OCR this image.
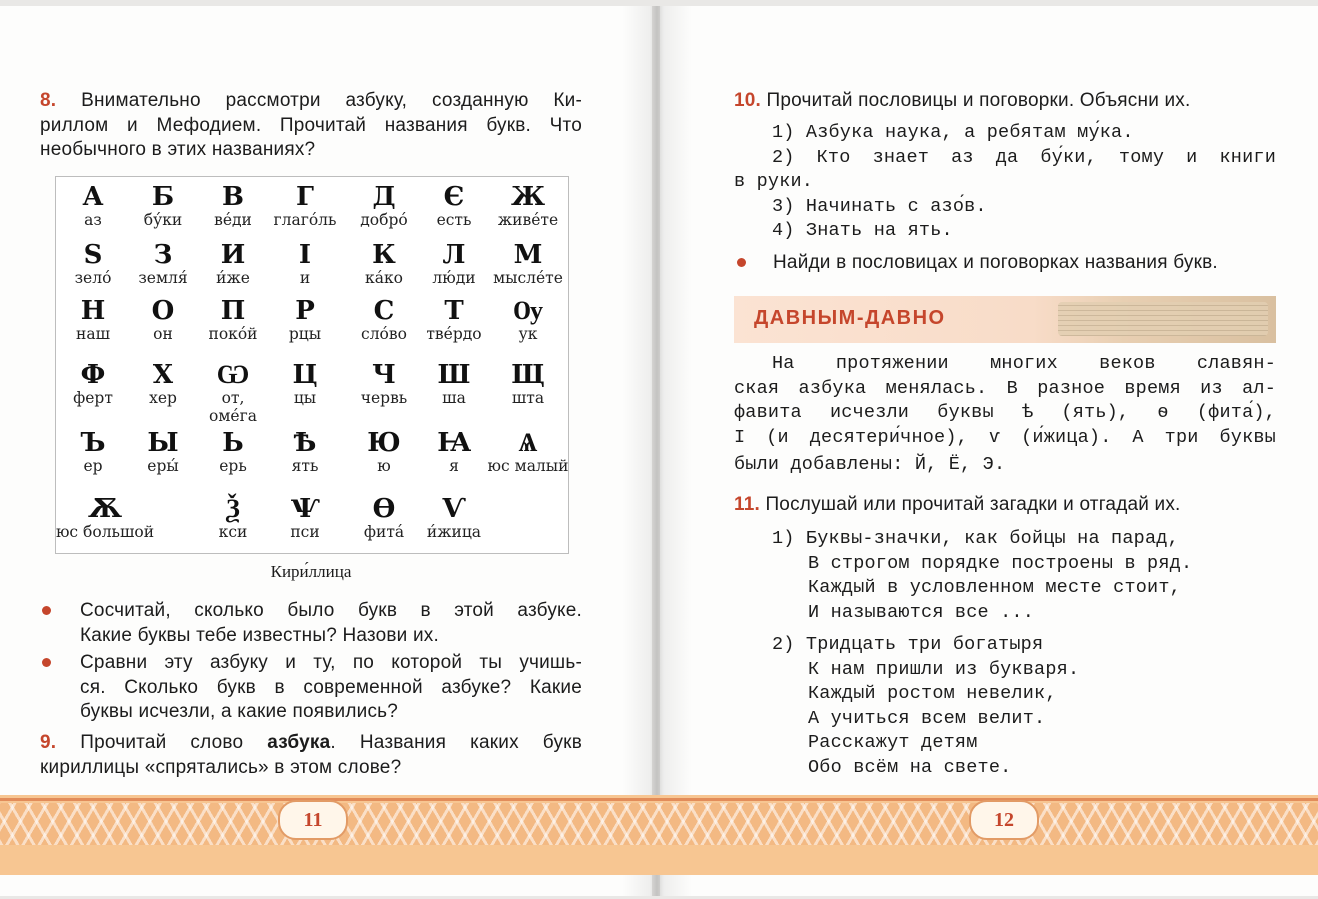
8. Внимательно рассмотри азбуку, созданную Ки-
риллом и Мефодием. Прочитай названия букв. Что
необычного в этих названиях?
А
аз
Б
бу́ки
В
ве́ди
Г
глаго́ль
Д
добро́
Є
есть
Ж
живе́те
Ѕ
зело́
З
земля́
И
и́же
І
и
К
ка́ко
Л
лю́ди
М
мысле́те
Н
наш
О
он
П
поко́й
Р
рцы
С
сло́во
Т
тве́рдо
Ѹ
ук
Ф
ферт
Х
хер
Ѡ
от, оме́га
Ц
цы
Ч
червь
Ш
ша
Щ
шта
Ъ
ер
Ы
еры́
Ь
ерь
Ѣ
ять
Ю
ю
Ꙗ
я
Ѧ
юс малый
Ѫ
юс большой
Ѯ
кси
Ѱ
пси
Ѳ
фита́
Ѵ
и́жица
Кири́ллица
Сосчитай, сколько было букв в этой азбуке.
Какие буквы тебе известны? Назови их.
Сравни эту азбуку и ту, по которой ты учишь-
ся. Сколько букв в современной азбуке? Какие
буквы исчезли, а какие появились?
9. Прочитай слово азбука. Названия каких букв
кириллицы «спрятались» в этом слове?
10. Прочитай пословицы и поговорки. Объясни их.
1) Азбука наука, а ребятам му́ка.
2) Кто знает аз да бу́ки, тому и книги
в руки.
3) Начинать с азо́в.
4) Знать на ять.
Найди в пословицах и поговорках названия букв.
ДАВНЫМ-ДАВНО
На протяжении многих веков славян-
ская азбука менялась. В разное время из ал-
фавита исчезли буквы ѣ (ять), ѳ (фита́),
І (и десятери́чное), ѵ (и́жица). А три буквы
были добавлены: Й, Ё, Э.
11. Послушай или прочитай загадки и отгадай их.
1) Буквы-значки, как бойцы на парад,
В строгом порядке построены в ряд.
Каждый в условленном месте стоит,
И называются все ...
2) Тридцать три богатыря
К нам пришли из букваря.
Каждый ростом невелик,
А учиться всем велит.
Расскажут детям
Обо всём на свете.
11	12
